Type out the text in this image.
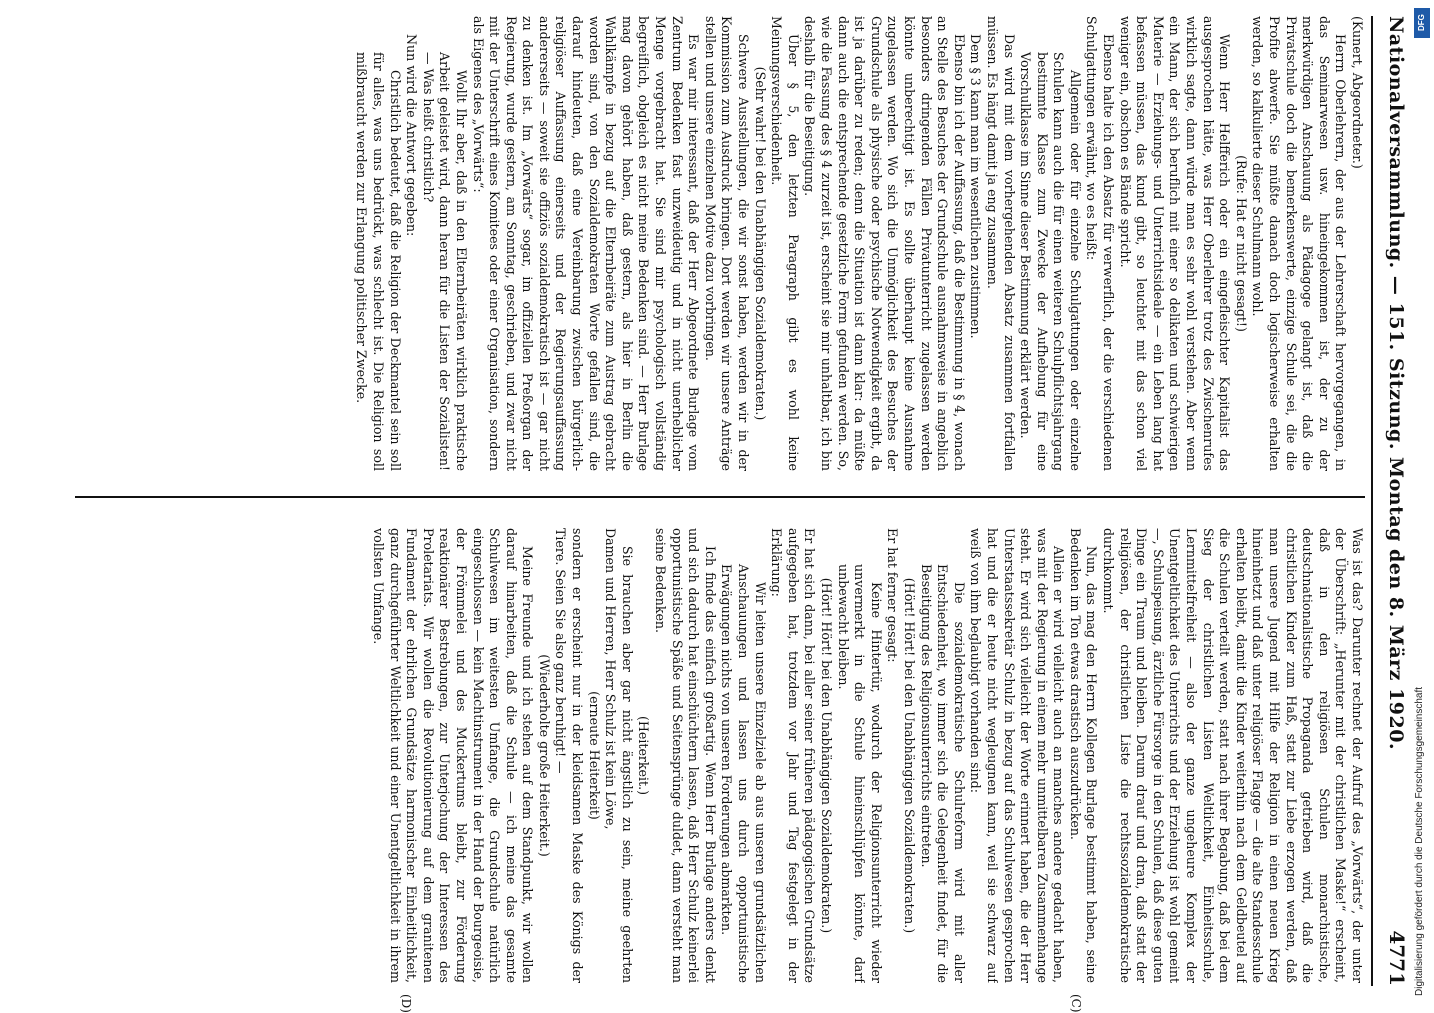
Nationalversammlung. — 151. Sitzung. Montag den 8. März 1920.
4771
(C)
(D)

(Kunert, Abgeordneter.)

Herrn Oberlehrern, der aus der Lehrerschaft hervorgegangen, in das Seminarwesen usw. hineingekommen ist, der zu der merkwürdigen Anschauung als Pädagoge gelangt ist, daß die Privatschule doch die bemerkenswerte, einzige Schule sei, die die Profite abwerfe. Sie müßte danach doch logischerweise erhalten werden, so kalkulierte dieser Schulmann wohl.

(Rufe: Hat er nicht gesagt!)

Wenn Herr Helfferich oder ein eingefleischter Kapitalist das ausgesprochen hätte, was Herr Oberlehrer trotz des Zwischenrufes wirklich sagte, dann würde man es sehr wohl verstehen. Aber wenn ein Mann, der sich beruflich mit einer so delikaten und schwierigen Materie — Erziehungs- und Unterrichtsideale — ein Leben lang hat befassen müssen, das kund gibt, so leuchtet mit das schon viel weniger ein, obschon es Bände spricht.

Ebenso halte ich den Absatz für verwerflich, der die verschiedenen Schulgattungen erwähnt, wo es heißt:

Allgemein oder für einzelne Schulgattungen oder einzelne Schulen kann auch die für einen weiteren Schulpflichtsjahrgang bestimmte Klasse zum Zwecke der Aufhebung für eine Vorschulklasse im Sinne dieser Bestimmung erklärt werden.

Das wird mit dem vorhergehenden Absatz zusammen fortfallen müssen. Es hängt damit ja eng zusammen.

Dem § 3 kann man im wesentlichen zustimmen.

Ebenso bin ich der Auffassung, daß die Bestimmung in § 4, wonach an Stelle des Besuches der Grundschule ausnahmsweise in angeblich besonders dringenden Fällen Privatunterricht zugelassen werden könnte unberechtigt ist. Es sollte überhaupt keine Ausnahme zugelassen werden. Wo sich die Unmöglichkeit des Besuches der Grundschule als physische oder psychische Notwendigkeit ergibt, da ist ja darüber zu reden; denn die Situation ist dann klar: da müßte dann auch die entsprechende gesetzliche Form gefunden werden. So, wie die Fassung des § 4 zurzeit ist, erscheint sie mir unhaltbar, ich bin deshalb für die Beseitigung.

Über § 5, den letzten Paragraph gibt es wohl keine Meinungsverschiedenheit.

(Sehr wahr! bei den Unabhängigen Sozialdemokraten.)

Schwere Ausstellungen, die wir sonst haben, werden wir in der Kommission zum Ausdruck bringen. Dort werden wir unsere Anträge stellen und unsere einzelnen Motive dazu vorbringen.

Es war mir interessant, daß der Herr Abgeordnete Burlage vom Zentrum Bedenken fast unzweideutig und in nicht unerheblicher Menge vorgebracht hat. Sie sind mir psychologisch vollständig begreiflich, obgleich es nicht meine Bedenken sind. — Herr Burlage mag davon gehört haben, daß gestern, als hier in Berlin die Wahlkämpfe in bezug auf die Elternbeiräte zum Austrag gebracht worden sind, von den Sozialdemokraten Worte gefallen sind, die darauf hindeuten, daß eine Vereinbarung zwischen bürgerlich-religiöser Auffassung einerseits und der Regierungsauffassung andererseits — soweit sie offiziös sozialdemokratisch ist — gar nicht zu denken ist. Im „Vorwärts“ sogar, im offiziellen Preßorgan der Regierung, wurde gestern, am Sonntag, geschrieben, und zwar nicht mit der Unterschrift eines Komitees oder einer Organisation, sondern als Eigenes des „Vorwärts“:

Wollt Ihr aber, daß in den Elternbeiräten wirklich praktische Arbeit geleistet wird, dann heran für die Listen der Sozialisten! — Was heißt christlich?

Nun wird die Antwort gegeben:

Christlich bedeutet, daß die Religion der Deckmantel sein soll für alles, was uns bedrückt, was schlecht ist. Die Religion soll mißbraucht werden zur Erlangung politischer Zwecke.

Was ist das? Darunter rechnet der Aufruf des „Vorwärts“, der unter der Überschrift: „Herunter mit der christlichen Maske!“ erscheint, daß in den religiösen Schulen monarchistische, deutschnationalistische Propaganda getrieben wird, daß die christlichen Kinder zum Haß, statt zur Liebe erzogen werden, daß man unsere Jugend mit Hilfe der Religion in einen neuen Krieg hineinhetzt und daß unter religiöser Flagge — die alte Standesschule erhalten bleibt, damit die Kinder weiterhin nach dem Geldbeutel auf die Schulen verteilt werden, statt nach ihrer Begabung, daß bei dem Sieg der christlichen Listen Weltlichkeit, Einheitsschule, Lernmittelfreiheit — also der ganze ungeheure Komplex der Unentgeltlichkeit des Unterrichts und der Erziehung ist wohl gemeint —, Schulspeisung, ärztliche Fürsorge in den Schulen, daß diese guten Dinge ein Traum und bleiben. Darum drauf und dran, daß statt der religiösen, der christlichen Liste die rechtssozialdemokratische durchkommt.

Nun, das mag den Herrn Kollegen Burlage bestimmt haben, seine Bedenken im Ton etwas drastisch auszudrücken.

Allein er wird vielleicht auch an manches andere gedacht haben, was mit der Regierung in einem mehr unmittelbaren Zusammenhange steht. Er wird sich vielleicht der Worte erinnert haben, die der Herr Unterstaatssekretär Schulz in bezug auf das Schulwesen gesprochen hat und die er heute nicht wegleugnen kann, weil sie schwarz auf weiß von ihm beglaubigt vorhanden sind:

Die sozialdemokratische Schulreform wird mit aller Entschiedenheit, wo immer sich die Gelegenheit findet, für die Beseitigung des Religionsunterrichts eintreten.

(Hört! Hört! bei den Unabhängigen Sozialdemokraten.)

Er hat ferner gesagt:

Keine Hintertür, wodurch der Religionsunterricht wieder unvermerkt in die Schule hineinschlüpfen könnte, darf unbewacht bleiben.

(Hört! Hört! bei den Unabhängigen Sozialdemokraten.)

Er hat sich dann, bei aller seiner früheren pädagogischen Grundsätze aufgegeben hat, trotzdem vor Jahr und Tag festgelegt in der Erklärung:

Wir leiten unsere Einzelziele ab aus unseren grundsätzlichen Anschauungen und lassen uns durch opportunistische Erwägungen nichts von unseren Forderungen abmarkten.

Ich finde das einfach großartig. Wenn Herr Burlage anders denkt und sich dadurch hat einschüchtern lassen, daß Herr Schulz keinerlei opportunistische Späße und Seitensprünge duldet, dann versteht man seine Bedenken.

(Heiterkeit.)

Sie brauchen aber gar nicht ängstlich zu sein, meine geehrten Damen und Herren, Herr Schulz ist kein Löwe,

(erneute Heiterkeit)

sondern er erscheint nur in der kleidsamen Maske des Königs der Tiere. Seien Sie also ganz beruhigt! —

(Wiederholte große Heiterkeit.)

Meine Freunde und ich stehen auf dem Standpunkt, wir wollen darauf hinarbeiten, daß die Schule — ich meine das gesamte Schulwesen im weitesten Umfange, die Grundschule natürlich eingeschlossen — kein Machtinstrument in der Hand der Bourgeoisie, der Frömmelei und des Muckertums bleibt, zur Förderung reaktionärer Bestrebungen, zur Unterjochung der Interessen des Proletariats. Wir wollen die Revolutionierung auf dem granitenen Fundament der ehrlichen Grundsätze harmonischer Einheitlichkeit, ganz durchgeführter Weltlichkeit und einer Unentgeltlichkeit in ihrem vollsten Umfange.

Digitalisierung gefördert durch die Deutsche Forschungsgemeinschaft
DFG
